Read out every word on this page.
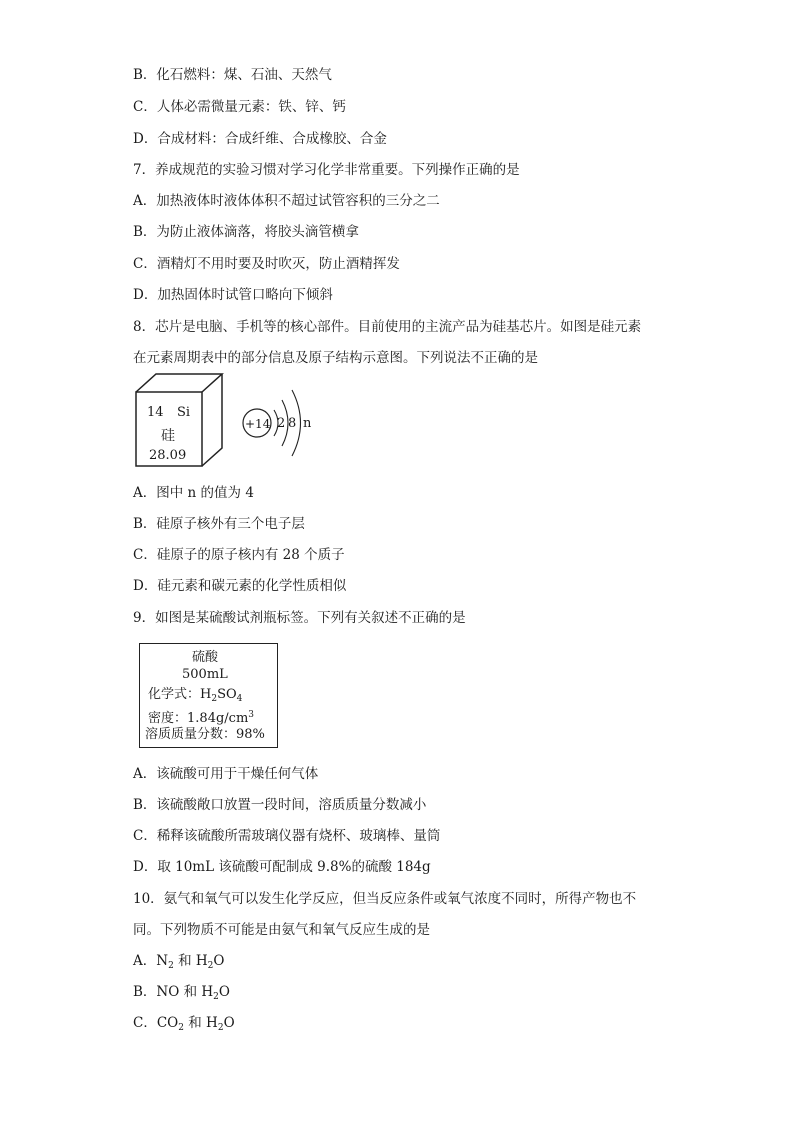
B．化石燃料：煤、石油、天然气
C．人体必需微量元素：铁、锌、钙
D．合成材料：合成纤维、合成橡胶、合金
7．养成规范的实验习惯对学习化学非常重要。下列操作正确的是
A．加热液体时液体体积不超过试管容积的三分之二
B．为防止液体滴落，将胶头滴管横拿
C．酒精灯不用时要及时吹灭，防止酒精挥发
D．加热固体时试管口略向下倾斜
8．芯片是电脑、手机等的核心部件。目前使用的主流产品为硅基芯片。如图是硅元素
在元素周期表中的部分信息及原子结构示意图。下列说法不正确的是
14 Si
硅
28.09
+14 2 8 n
A．图中 n 的值为 4
B．硅原子核外有三个电子层
C．硅原子的原子核内有 28 个质子
D．硅元素和碳元素的化学性质相似
9．如图是某硫酸试剂瓶标签。下列有关叙述不正确的是
硫酸
500mL
化学式：$H_2SO_4$
密度：$1.84g/cm^3$
溶质质量分数：98%
A．该硫酸可用于干燥任何气体
B．该硫酸敞口放置一段时间，溶质质量分数减小
C．稀释该硫酸所需玻璃仪器有烧杯、玻璃棒、量筒
D．取 10mL 该硫酸可配制成 9.8%的硫酸 184g
10．氨气和氧气可以发生化学反应，但当反应条件或氧气浓度不同时，所得产物也不
同。下列物质不可能是由氨气和氧气反应生成的是
A．$N_2$ 和 $H_2O$
B．NO 和 $H_2O$
C．$CO_2$ 和 $H_2O$
